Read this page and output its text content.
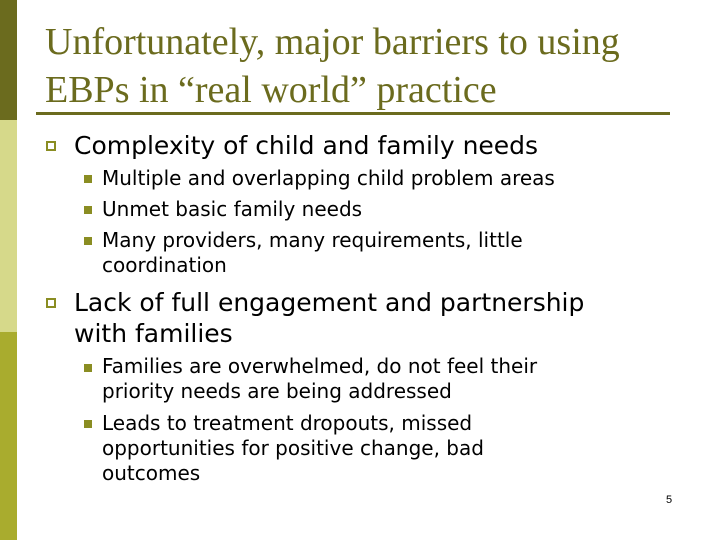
Unfortunately, major barriers to using
EBPs in “real world” practice
Complexity of child and family needs
Multiple and overlapping child problem areas
Unmet basic family needs
Many providers, many requirements, little
coordination
Lack of full engagement and partnership
with families
Families are overwhelmed, do not feel their
priority needs are being addressed
Leads to treatment dropouts, missed
opportunities for positive change, bad
outcomes
5
